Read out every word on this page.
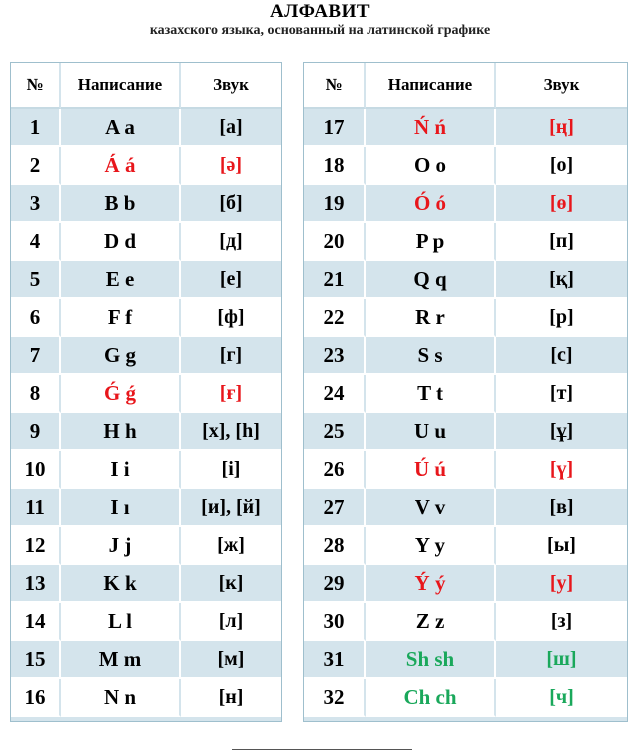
АЛФАВИТ
казахского языка, основанный на латинской графике
№	Написание	Звук
1	A a	[а]
2	Á á	[ә]
3	B b	[б]
4	D d	[д]
5	E e	[е]
6	F f	[ф]
7	G g	[г]
8	Ǵ ǵ	[ғ]
9	H h	[х], [h]
10	I i	[і]
11	I ı	[и], [й]
12	J j	[ж]
13	K k	[к]
14	L l	[л]
15	M m	[м]
16	N n	[н]
№	Написание	Звук
17	Ń ń	[ң]
18	O o	[о]
19	Ó ó	[ө]
20	P p	[п]
21	Q q	[қ]
22	R r	[р]
23	S s	[с]
24	T t	[т]
25	U u	[ұ]
26	Ú ú	[ү]
27	V v	[в]
28	Y y	[ы]
29	Ý ý	[у]
30	Z z	[з]
31	Sh sh	[ш]
32	Ch ch	[ч]
